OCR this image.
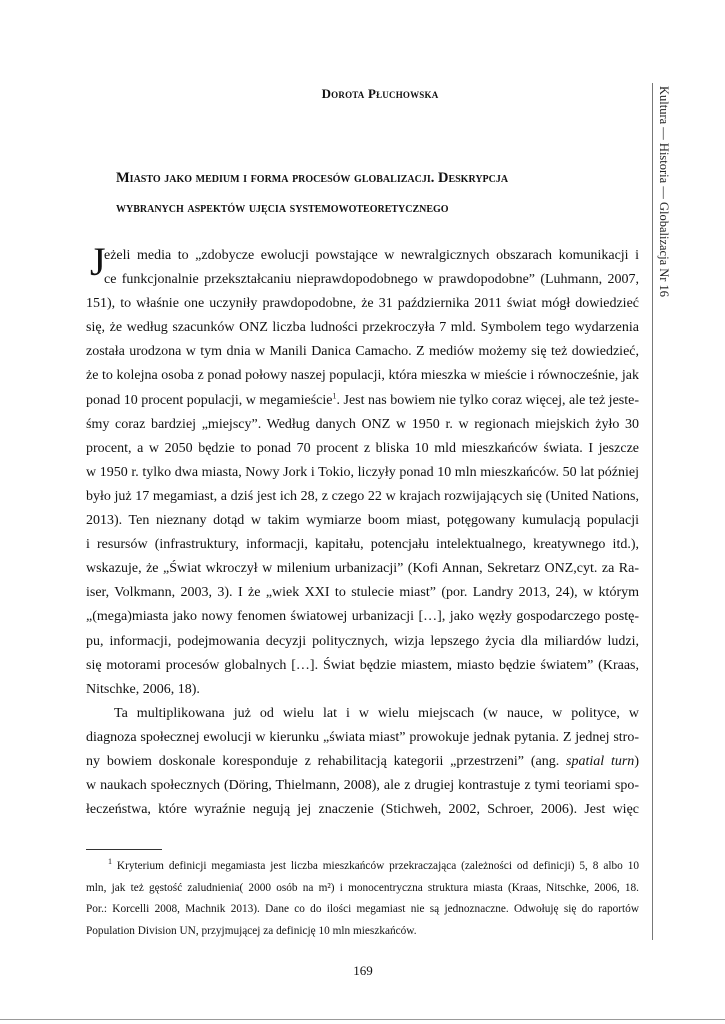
Dorota Płuchowska
Miasto jako medium i forma procesów globalizacji. Deskrypcja
wybranych aspektów ujęcia systemowoteoretycznego	Kultura — Historia — Globalizacja Nr 16
J
eżeli media to „zdobycze ewolucji powstające w newralgicznych obszarach komunikacji i
ce funkcjonalnie przekształcaniu nieprawdopodobnego w prawdopodobne” (Luhmann, 2007,
151), to właśnie one uczyniły prawdopodobne, że 31 października 2011 świat mógł dowiedzieć
się, że według szacunków ONZ liczba ludności przekroczyła 7 mld. Symbolem tego wydarzenia
została urodzona w tym dnia w Manili Danica Camacho. Z mediów możemy się też dowiedzieć,
że to kolejna osoba z ponad połowy naszej populacji, która mieszka w mieście i równocześnie, jak
ponad 10 procent populacji, w megamieście$^1$. Jest nas bowiem nie tylko coraz więcej, ale też jeste-
śmy coraz bardziej „miejscy”. Według danych ONZ w 1950 r. w regionach miejskich żyło 30
procent, a w 2050 będzie to ponad 70 procent z bliska 10 mld mieszkańców świata. I jeszcze
w 1950 r. tylko dwa miasta, Nowy Jork i Tokio, liczyły ponad 10 mln mieszkańców. 50 lat później
było już 17 megamiast, a dziś jest ich 28, z czego 22 w krajach rozwijających się (United Nations,
2013). Ten nieznany dotąd w takim wymiarze boom miast, potęgowany kumulacją populacji
i resursów (infrastruktury, informacji, kapitału, potencjału intelektualnego, kreatywnego itd.),
wskazuje, że „Świat wkroczył w milenium urbanizacji” (Kofi Annan, Sekretarz ONZ,cyt. za Ra-
iser, Volkmann, 2003, 3). I że „wiek XXI to stulecie miast” (por. Landry 2013, 24), w którym
„(mega)miasta jako nowy fenomen światowej urbanizacji […], jako węzły gospodarczego postę-
pu, informacji, podejmowania decyzji politycznych, wizja lepszego życia dla miliardów ludzi,
się motorami procesów globalnych […]. Świat będzie miastem, miasto będzie światem” (Kraas,
Nitschke, 2006, 18).
Ta multiplikowana już od wielu lat i w wielu miejscach (w nauce, w polityce, w
diagnoza społecznej ewolucji w kierunku „świata miast” prowokuje jednak pytania. Z jednej stro-
ny bowiem doskonale koresponduje z rehabilitacją kategorii „przestrzeni” (ang. spatial turn)
w naukach społecznych (Döring, Thielmann, 2008), ale z drugiej kontrastuje z tymi teoriami spo-
łeczeństwa, które wyraźnie negują jej znaczenie (Stichweh, 2002, Schroer, 2006). Jest więc
$^1$ Kryterium definicji megamiasta jest liczba mieszkańców przekraczająca (zależności od definicji) 5, 8 albo 10
mln, jak też gęstość zaludnienia( 2000 osób na m²) i monocentryczna struktura miasta (Kraas, Nitschke, 2006, 18.
Por.: Korcelli 2008, Machnik 2013). Dane co do ilości megamiast nie są jednoznaczne. Odwołuję się do raportów
Population Division UN, przyjmującej za definicję 10 mln mieszkańców.
169
